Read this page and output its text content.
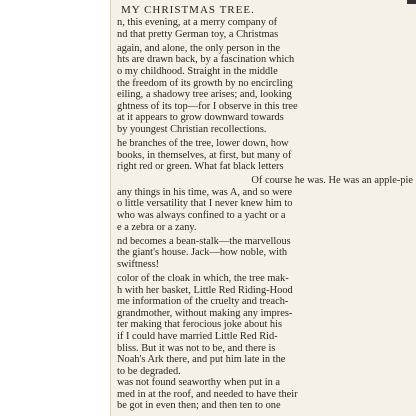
MY CHRISTMAS TREE.
n, this evening, at a merry company of
nd that pretty German toy, a Christmas
again, and alone, the only person in the
hts are drawn back, by a fascination which
o my childhood. Straight in the middle
the freedom of its growth by no encircling
eiling, a shadowy tree arises; and, looking
ghtness of its top—for I observe in this tree
at it appears to grow downward towards
by youngest Christian recollections.
he branches of the tree, lower down, how
books, in themselves, at first, but many of
right red or green. What fat black letters
Of course he was. He was an apple-pie
any things in his time, was A, and so were
o little versatility that I never knew him to
who was always confined to a yacht or a
e a zebra or a zany.
nd becomes a bean-stalk—the marvellous
the giant's house. Jack—how noble, with
swiftness!
color of the cloak in which, the tree mak-
h with her basket, Little Red Riding-Hood
me information of the cruelty and treach-
grandmother, without making any impres-
ter making that ferocious joke about his
if I could have married Little Red Rid-
bliss. But it was not to be, and there is
Noah's Ark there, and put him late in the
to be degraded.
was not found seaworthy when put in a
med in at the roof, and needed to have their
be got in even then; and then ten to one
